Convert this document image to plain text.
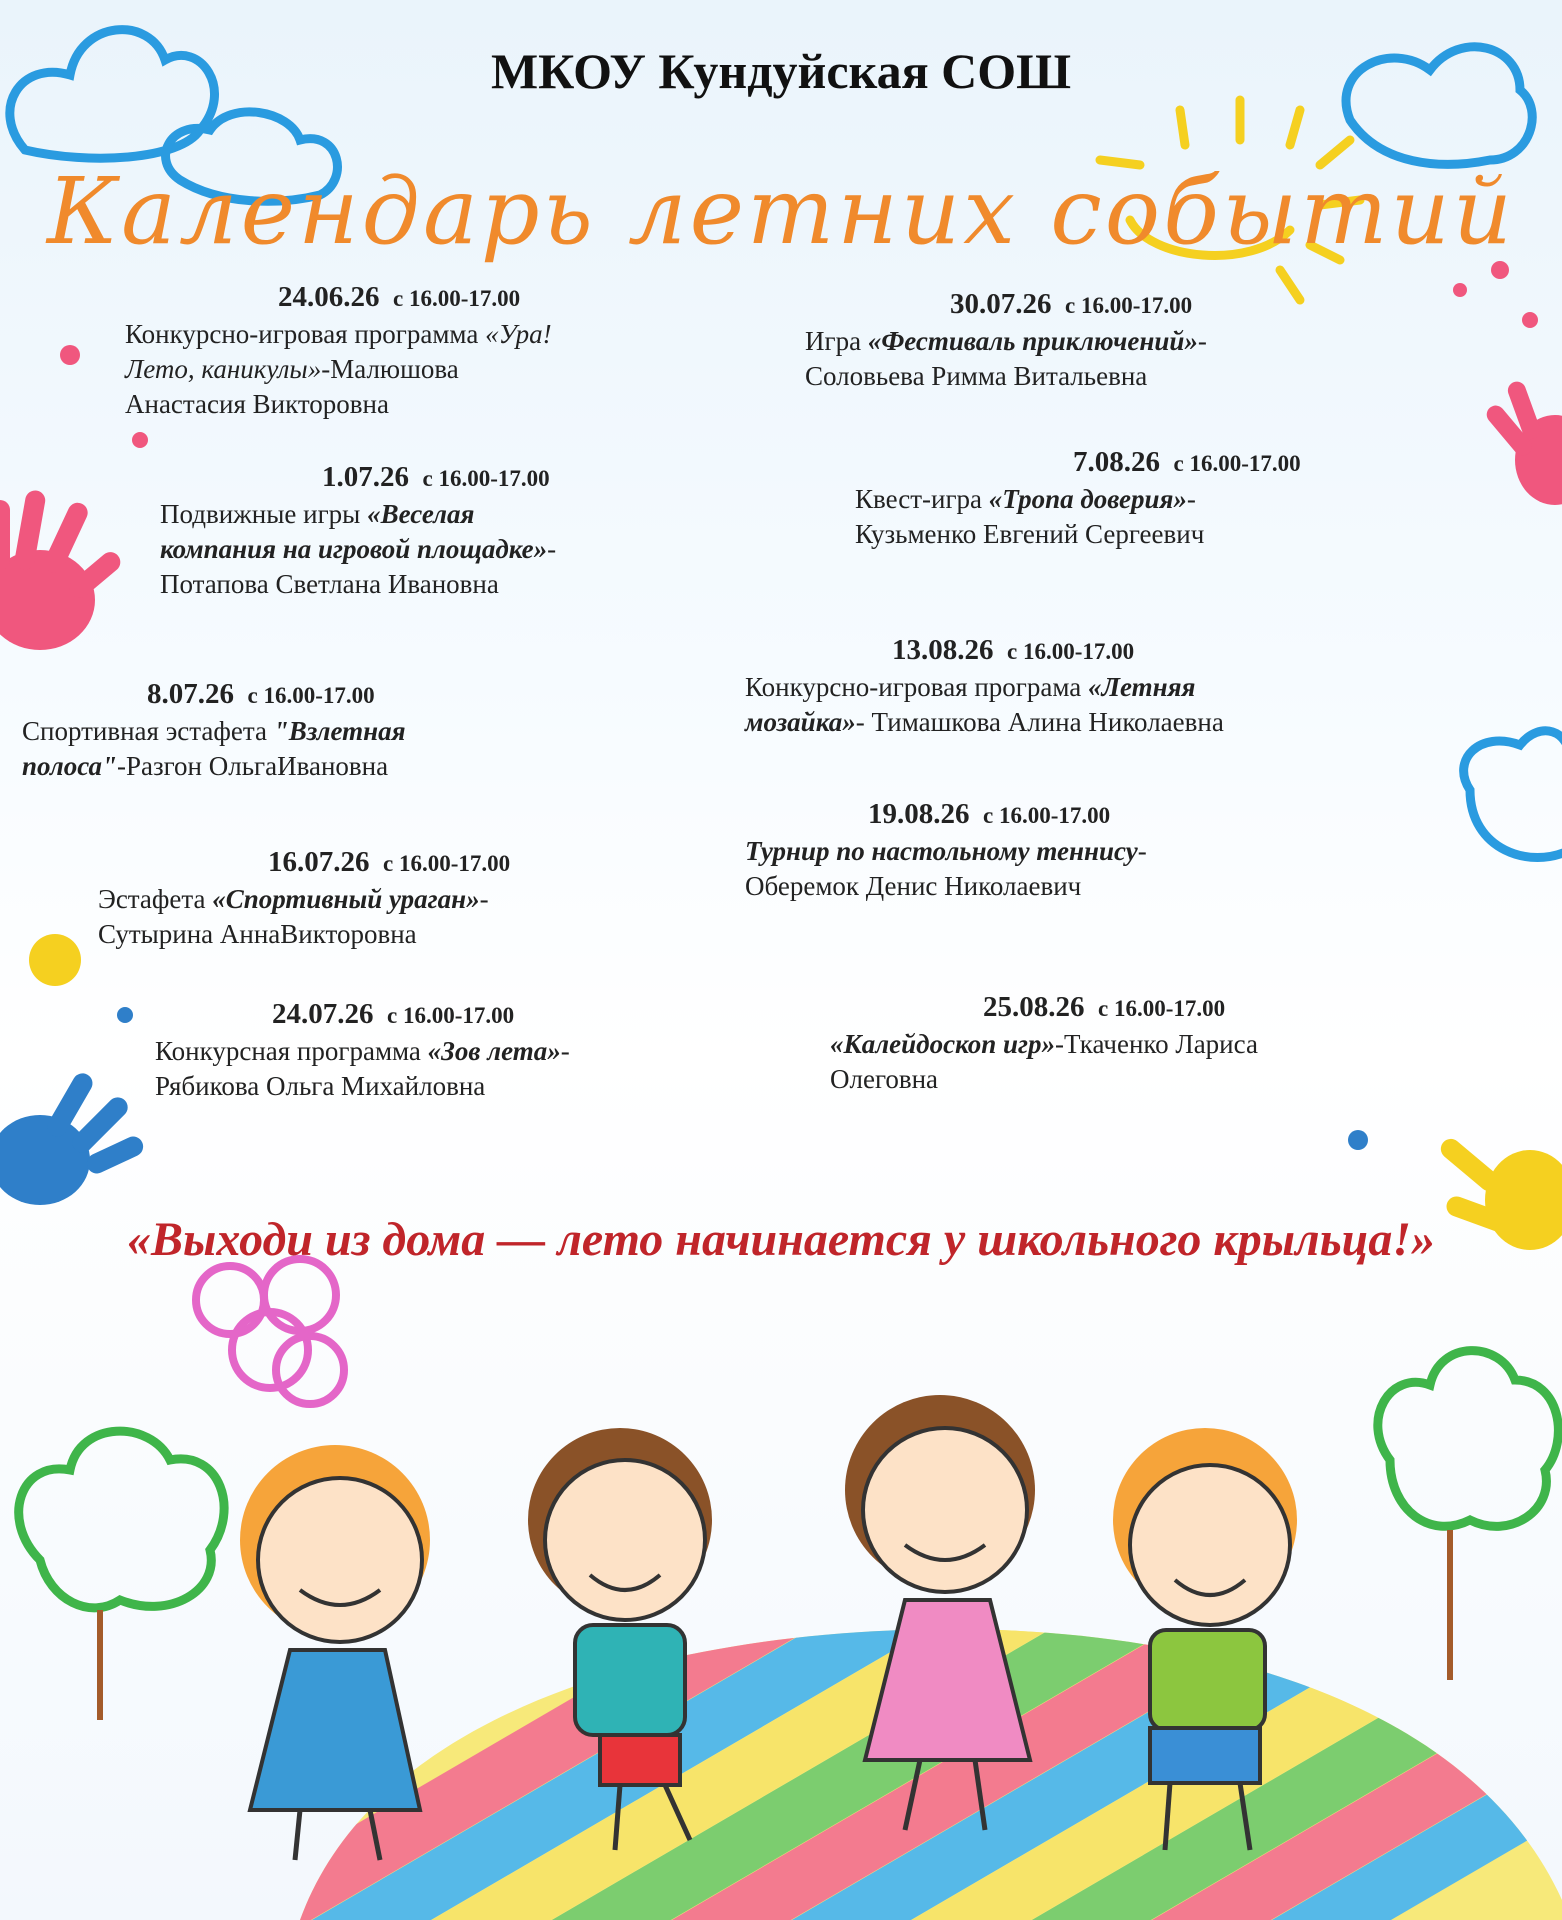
МКОУ Кундуйская СОШ
Календарь летних событий
24.06.26 с 16.00-17.00
Конкурсно-игровая программа «Ура!
Лето, каникулы»-Малюшова
Анастасия Викторовна
1.07.26 с 16.00-17.00
Подвижные игры «Веселая
компания на игровой площадке»-
Потапова Светлана Ивановна
8.07.26 с 16.00-17.00
Спортивная эстафета "Взлетная
полоса"-Разгон ОльгаИвановна
16.07.26 с 16.00-17.00
Эстафета «Спортивный ураган»-
Сутырина АннаВикторовна
24.07.26 с 16.00-17.00
Конкурсная программа «Зов лета»-
Рябикова Ольга Михайловна
30.07.26 с 16.00-17.00
Игра «Фестиваль приключений»-
Соловьева Римма Витальевна
7.08.26 с 16.00-17.00
Квест-игра «Тропа доверия»-
Кузьменко Евгений Сергеевич
13.08.26 с 16.00-17.00
Конкурсно-игровая програма «Летняя
мозайка»- Тимашкова Алина Николаевна
19.08.26 с 16.00-17.00
Турнир по настольному теннису-
Оберемок Денис Николаевич
25.08.26 с 16.00-17.00
«Калейдоскоп игр»-Ткаченко Лариса
Олеговна
«Выходи из дома — лето начинается у школьного крыльца!»
